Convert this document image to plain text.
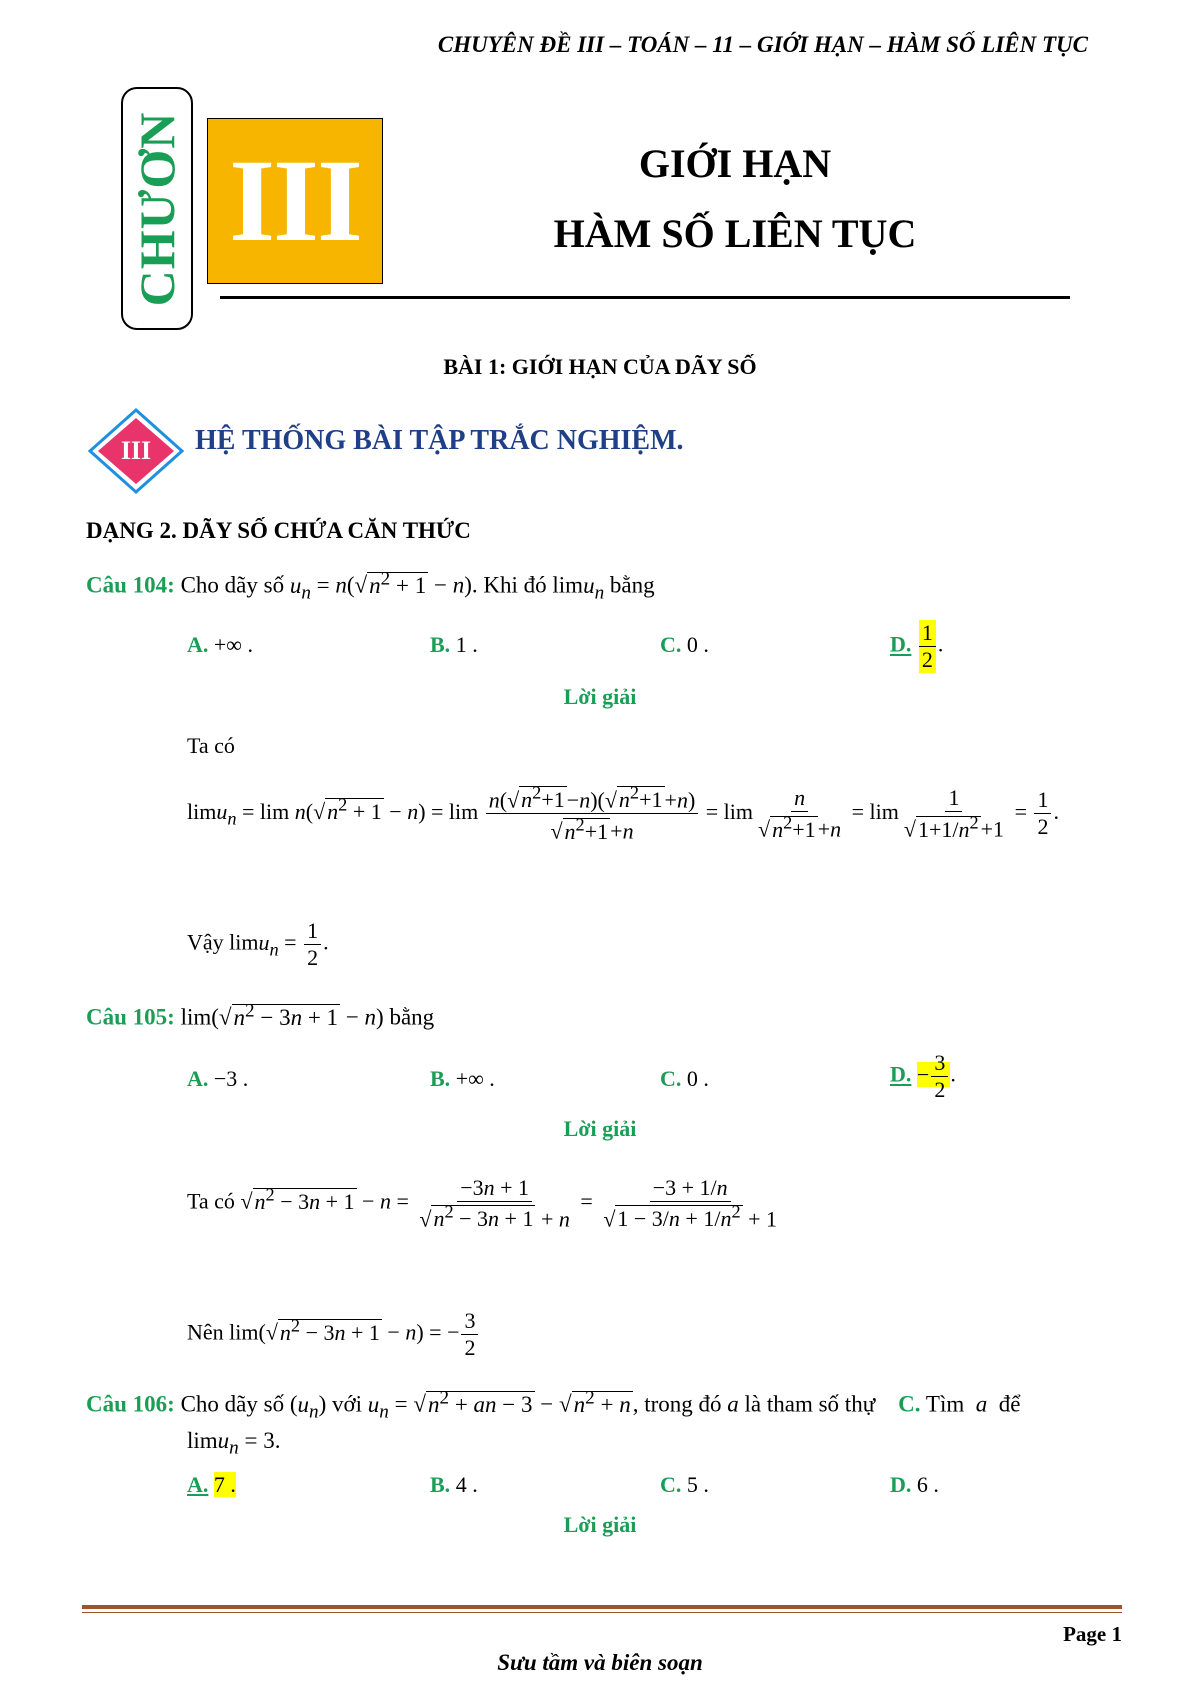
CHUYÊN ĐỀ III – TOÁN – 11 – GIỚI HẠN – HÀM SỐ LIÊN TỤC
CHƯƠN III	GIỚI HẠN
HÀM SỐ LIÊN TỤC
BÀI 1: GIỚI HẠN CỦA DÃY SỐ
III	HỆ THỐNG BÀI TẬP TRẮC NGHIỆM.
DẠNG 2. DÃY SỐ CHỨA CĂN THỨC
Câu 104: Cho dãy số $u_n = n(√n^2 + 1 - n)$. Khi đó limu$_n$ bằng
A. +∞ .	B. 1 .	C. 0 .	D. $\frac{1}{2}$ .
Lời giải
Ta có
$\lim u_n = \lim n(√n^2 + 1 - n) = \lim \frac{n(√n^2+1-n)(√n^2+1+n)}{√n^2+1+n} = \lim \frac{n}{√n^2+1+n} = \lim \frac{1}{√1+1/n^2+1} = \frac{1}{2}$ .
Vậy $\lim u_n = \frac{1}{2}$ .
Câu 105: $\lim(√n^2 - 3n + 1 - n)$ bằng
A. −3 .	B. +∞ .	C. 0 .	D. − $\frac{3}{2}$ .
Lời giải
Ta có $√n^2 - 3n + 1 - n = \frac{-3n + 1}{√n^2 - 3n + 1 + n} = \frac{-3 + 1/n}{√1 - 3/n + 1/n^2 + 1}$
Nên $\lim(√n^2 - 3n + 1 - n)$ = − $\frac{3}{2}$
Câu 106: Cho dãy số $(u_n)$ với $u_n = √n^2$ + an − $3 - √n^2 + n$, trong đó a là tham số thự C. Tìm a để
limu$_n$ = 3.
A. 7 .	B. 4 .	C. 5 .	D. 6 .
Lời giải
Page 1
Sưu tầm và biên soạn
